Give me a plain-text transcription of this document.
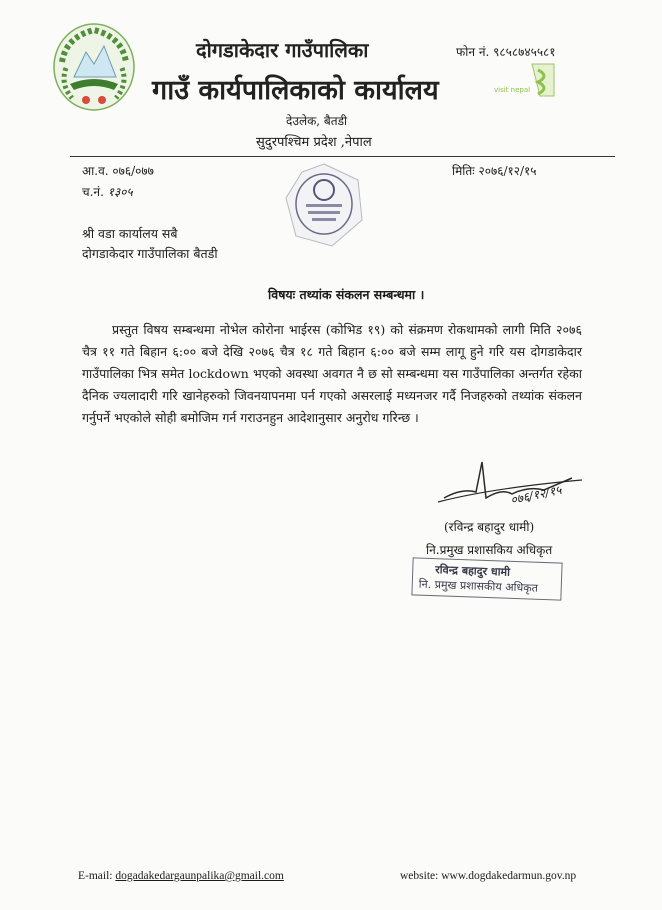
दोगडाकेदार गाउँपालिका
गाउँ कार्यपालिकाको कार्यालय
फोन नं. ९८५८७४५५८१
visit nepal
देउलेक, बैतडी
सुदुरपश्चिम प्रदेश ,नेपाल
आ.व. ०७६/०७७
च.नं. १३०५
मितिः २०७६/१२/१५
श्री वडा कार्यालय सबै
दोगडाकेदार गाउँपालिका बैतडी
विषयः तथ्यांक संकलन सम्बन्धमा ।
प्रस्तुत विषय सम्बन्धमा नोभेल कोरोना भाईरस (कोभिड १९) को संक्रमण रोकथामको लागी मिति २०७६ चैत्र ११ गते बिहान ६:०० बजे देखि २०७६ चैत्र १८ गते बिहान ६:०० बजे सम्म लागू हुने गरि यस दोगडाकेदार गाउँपालिका भित्र समेत lockdown भएको अवस्था अवगत नै छ सो सम्बन्धमा यस गाउँपालिका अन्तर्गत रहेका दैनिक ज्यलादारी गरि खानेहरुको जिवनयापनमा पर्न गएको असरलाई मध्यनजर गर्दै निजहरुको तथ्यांक संकलन गर्नुपर्ने भएकोले सोही बमोजिम गर्न गराउनहुन आदेशानुसार अनुरोध गरिन्छ ।
०७६/१२/१५
(रविन्द्र बहादुर धामी)
नि.प्रमुख प्रशासकिय अधिकृत
रविन्द्र बहादुर धामी
नि. प्रमुख प्रशासकीय अधिकृत
E-mail: dogadakedargaunpalika@gmail.com	website: www.dogdakedarmun.gov.np
